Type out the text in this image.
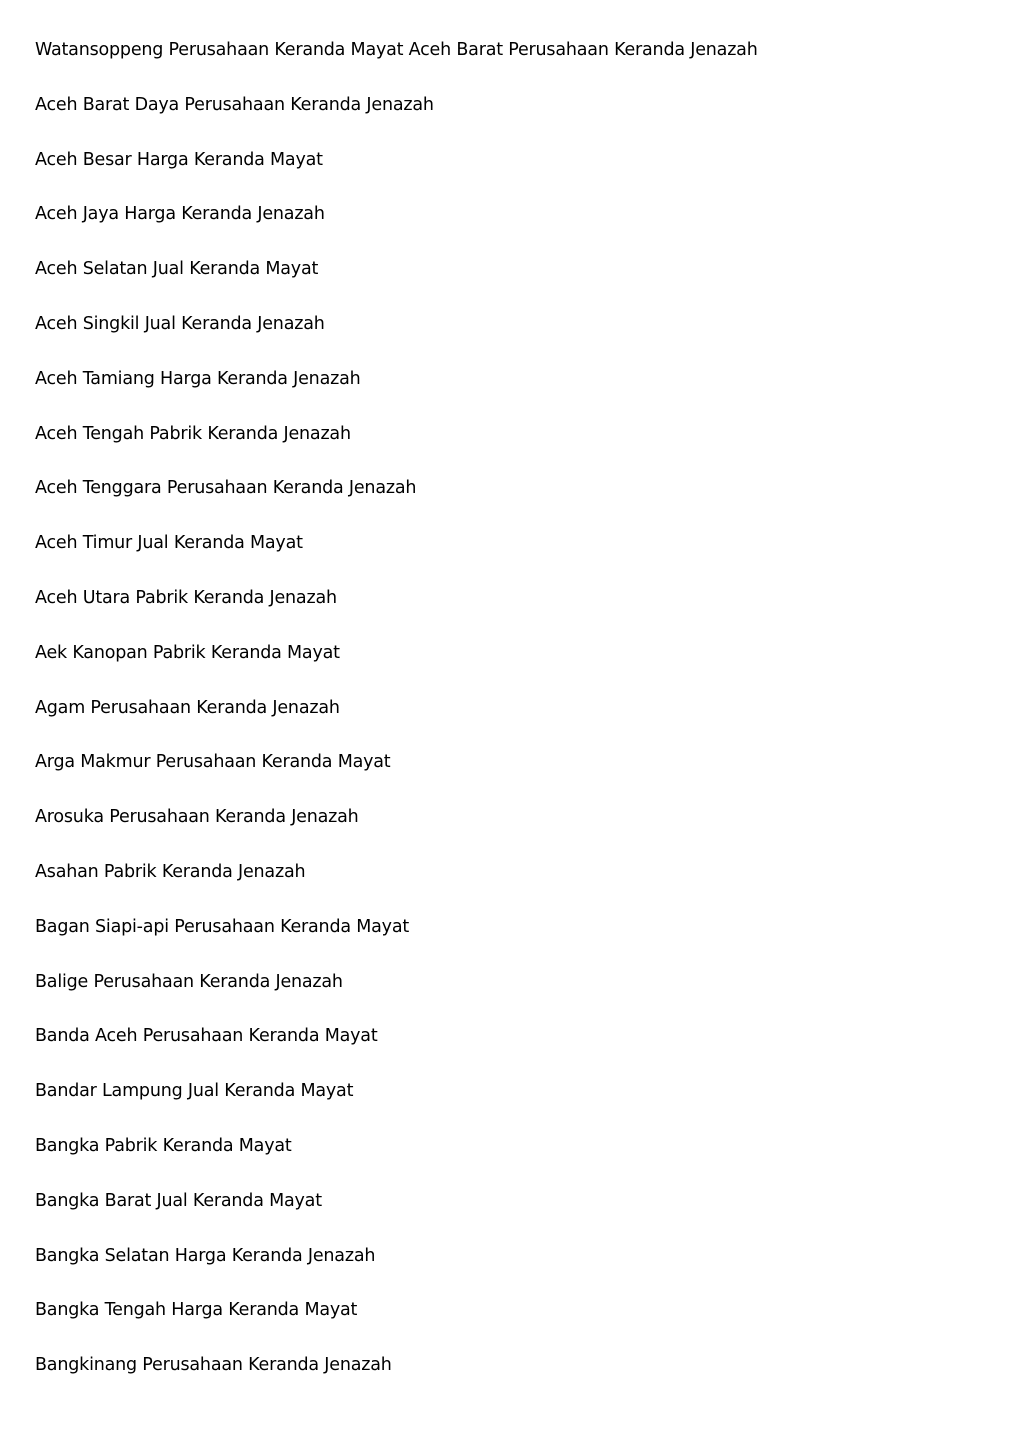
Watansoppeng Perusahaan Keranda Mayat Aceh Barat Perusahaan Keranda Jenazah
Aceh Barat Daya Perusahaan Keranda Jenazah
Aceh Besar Harga Keranda Mayat
Aceh Jaya Harga Keranda Jenazah
Aceh Selatan Jual Keranda Mayat
Aceh Singkil Jual Keranda Jenazah
Aceh Tamiang Harga Keranda Jenazah
Aceh Tengah Pabrik Keranda Jenazah
Aceh Tenggara Perusahaan Keranda Jenazah
Aceh Timur Jual Keranda Mayat
Aceh Utara Pabrik Keranda Jenazah
Aek Kanopan Pabrik Keranda Mayat
Agam Perusahaan Keranda Jenazah
Arga Makmur Perusahaan Keranda Mayat
Arosuka Perusahaan Keranda Jenazah
Asahan Pabrik Keranda Jenazah
Bagan Siapi-api Perusahaan Keranda Mayat
Balige Perusahaan Keranda Jenazah
Banda Aceh Perusahaan Keranda Mayat
Bandar Lampung Jual Keranda Mayat
Bangka Pabrik Keranda Mayat
Bangka Barat Jual Keranda Mayat
Bangka Selatan Harga Keranda Jenazah
Bangka Tengah Harga Keranda Mayat
Bangkinang Perusahaan Keranda Jenazah
